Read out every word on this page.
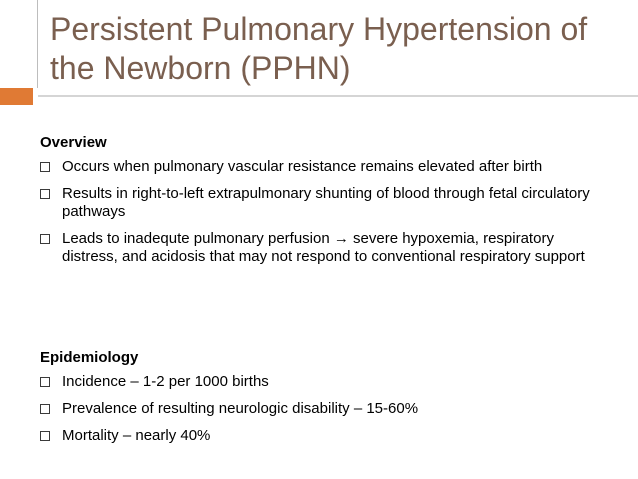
Persistent Pulmonary Hypertension of the Newborn (PPHN)
Overview
Occurs when pulmonary vascular resistance remains elevated after birth
Results in right-to-left extrapulmonary shunting of blood through fetal circulatory pathways
Leads to inadequte pulmonary perfusion → severe hypoxemia, respiratory distress, and acidosis that may not respond to conventional respiratory support
Epidemiology
Incidence – 1-2 per 1000 births
Prevalence of resulting neurologic disability – 15-60%
Mortality – nearly 40%
